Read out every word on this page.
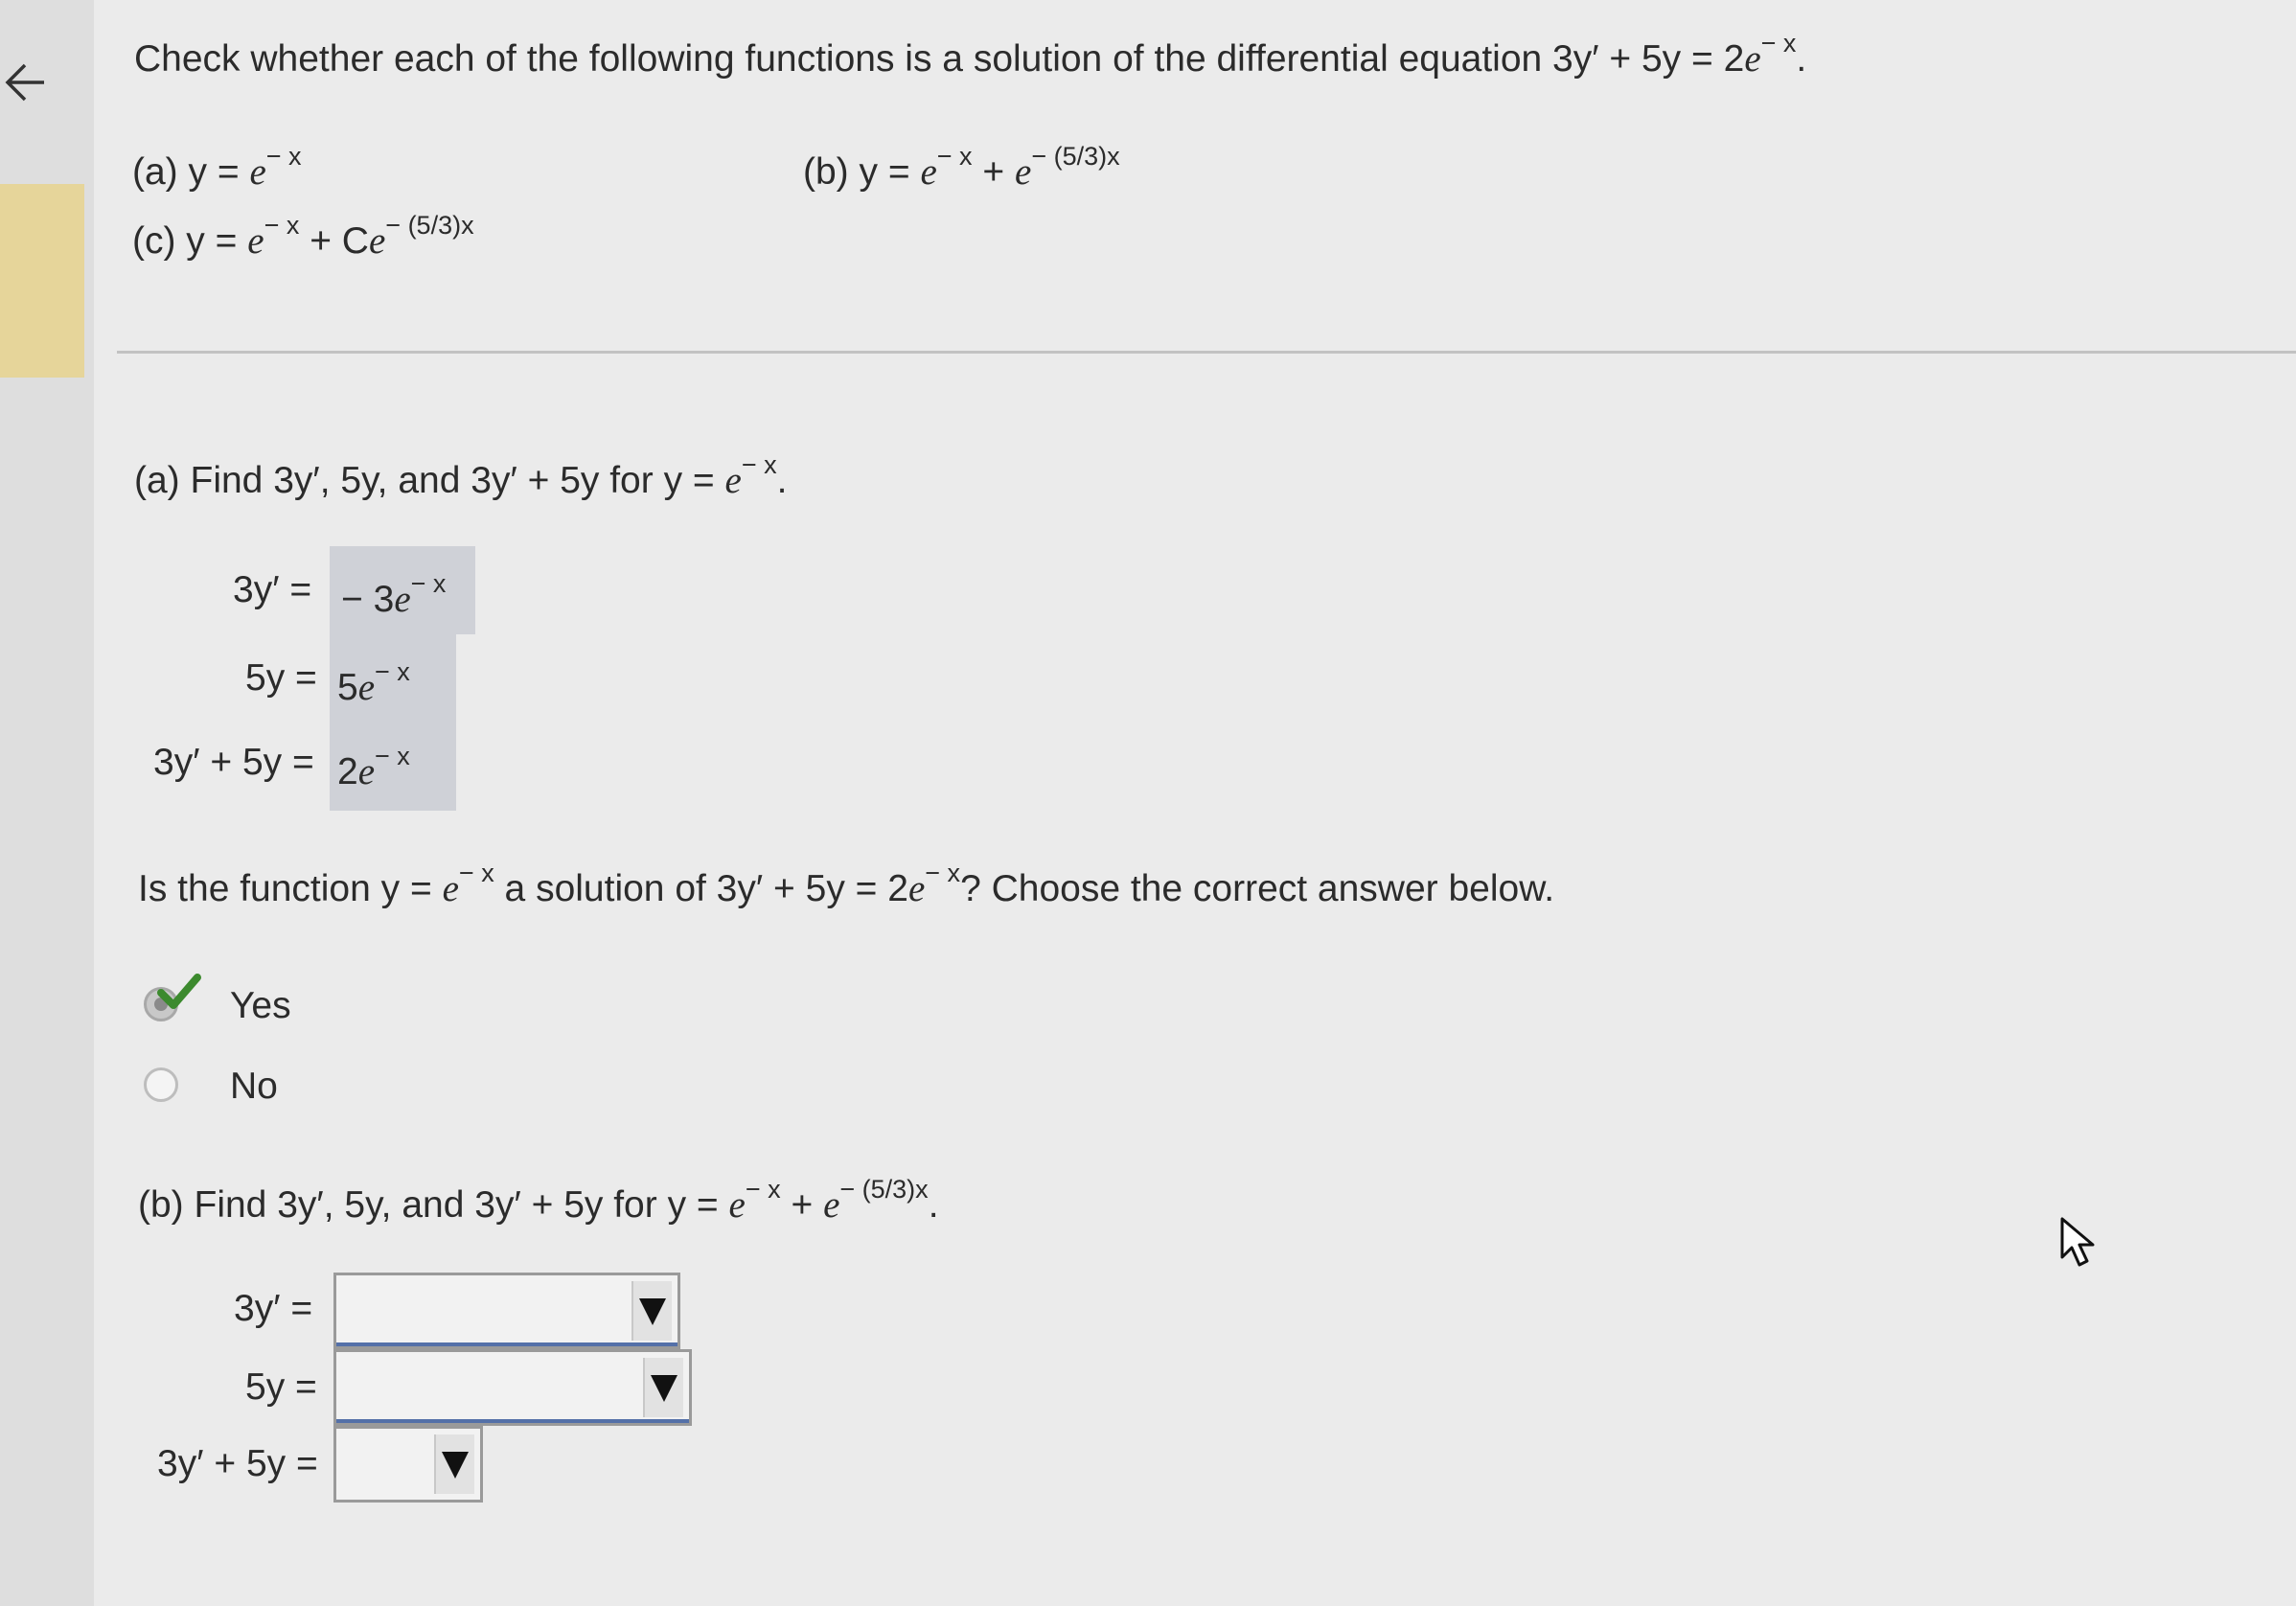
Check whether each of the following functions is a solution of the differential equation $3y' + 5y = 2e^{- x}$.
(a) $y = e^{- x}$	(b) $y = e^{- x} + e^{- (5/3)x}$
(c) $y = e^{- x} + Ce^{- (5/3)x}$
(a) Find 3y′, 5y, and 3y′ + 5y for $y = e^{- x}$.
3y′ = − $3e^{- x}$
$5y = 5e^{- x}$
$3y' + 5y = 2e^{- x}$
Is the function $y = e^{- x}$ a solution of $3y' + 5y = 2e^{- x}$? Choose the correct answer below.
Yes
No
(b) Find 3y′, 5y, and 3y′ + 5y for $y = e^{- x} + e^{- (5/3)x}$.
3y′ =
5y =
3y′ + 5y =
